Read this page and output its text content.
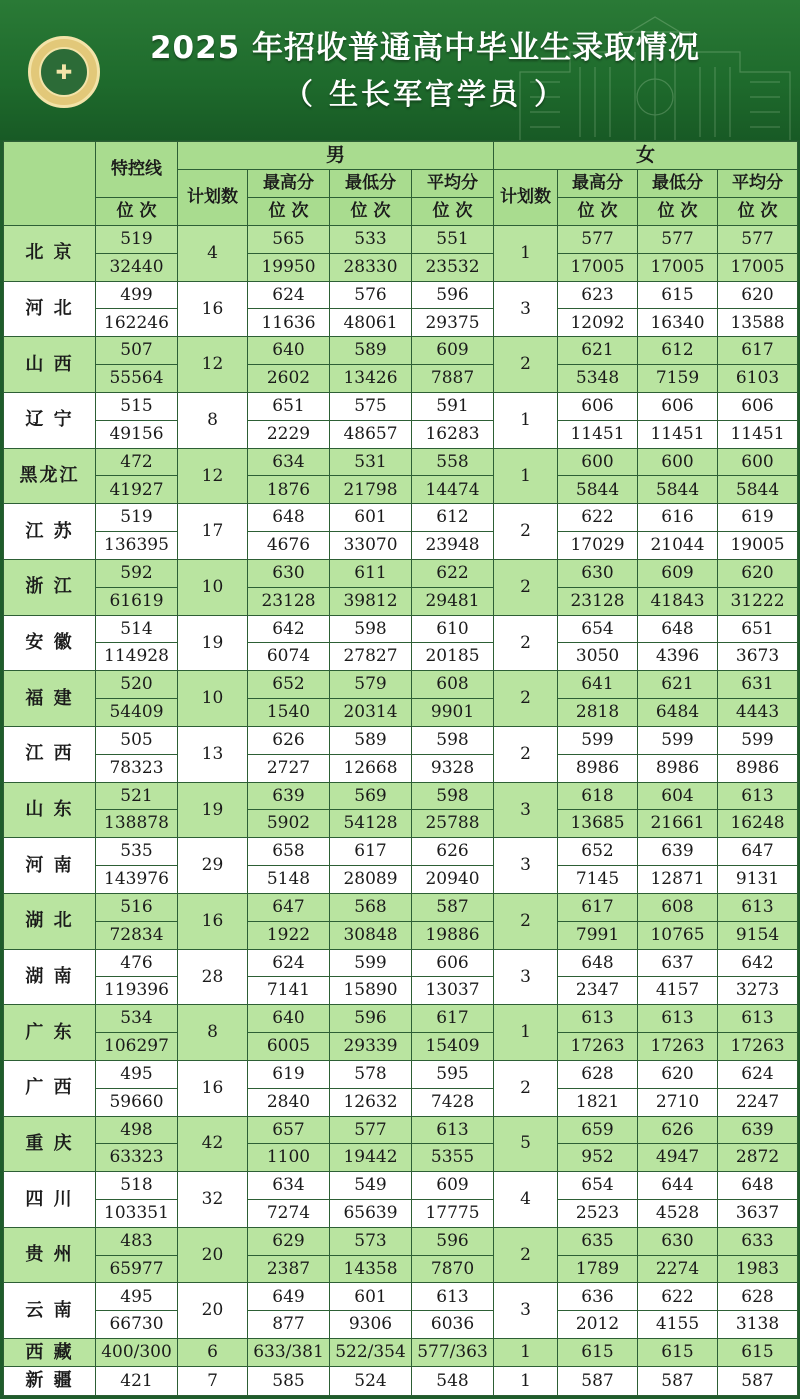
✚
2025 年招收普通高中毕业生录取情况
（ 生长军官学员 ）
	特控线	男				女			
		计划数	最高分	最低分	平均分	计划数	最高分	最低分	平均分
	位 次		位 次	位 次	位 次		位 次	位 次	位 次
北 京	519	4	565	533	551	1	577	577	577
	32440		19950	28330	23532		17005	17005	17005
河 北	499	16	624	576	596	3	623	615	620
	162246		11636	48061	29375		12092	16340	13588
山 西	507	12	640	589	609	2	621	612	617
	55564		2602	13426	7887		5348	7159	6103
辽 宁	515	8	651	575	591	1	606	606	606
	49156		2229	48657	16283		11451	11451	11451
黑龙江	472	12	634	531	558	1	600	600	600
	41927		1876	21798	14474		5844	5844	5844
江 苏	519	17	648	601	612	2	622	616	619
	136395		4676	33070	23948		17029	21044	19005
浙 江	592	10	630	611	622	2	630	609	620
	61619		23128	39812	29481		23128	41843	31222
安 徽	514	19	642	598	610	2	654	648	651
	114928		6074	27827	20185		3050	4396	3673
福 建	520	10	652	579	608	2	641	621	631
	54409		1540	20314	9901		2818	6484	4443
江 西	505	13	626	589	598	2	599	599	599
	78323		2727	12668	9328		8986	8986	8986
山 东	521	19	639	569	598	3	618	604	613
	138878		5902	54128	25788		13685	21661	16248
河 南	535	29	658	617	626	3	652	639	647
	143976		5148	28089	20940		7145	12871	9131
湖 北	516	16	647	568	587	2	617	608	613
	72834		1922	30848	19886		7991	10765	9154
湖 南	476	28	624	599	606	3	648	637	642
	119396		7141	15890	13037		2347	4157	3273
广 东	534	8	640	596	617	1	613	613	613
	106297		6005	29339	15409		17263	17263	17263
广 西	495	16	619	578	595	2	628	620	624
	59660		2840	12632	7428		1821	2710	2247
重 庆	498	42	657	577	613	5	659	626	639
	63323		1100	19442	5355		952	4947	2872
四 川	518	32	634	549	609	4	654	644	648
	103351		7274	65639	17775		2523	4528	3637
贵 州	483	20	629	573	596	2	635	630	633
	65977		2387	14358	7870		1789	2274	1983
云 南	495	20	649	601	613	3	636	622	628
	66730		877	9306	6036		2012	4155	3138
西 藏	400/300	6	633/381	522/354	577/363	1	615	615	615
新 疆	421	7	585	524	548	1	587	587	587
